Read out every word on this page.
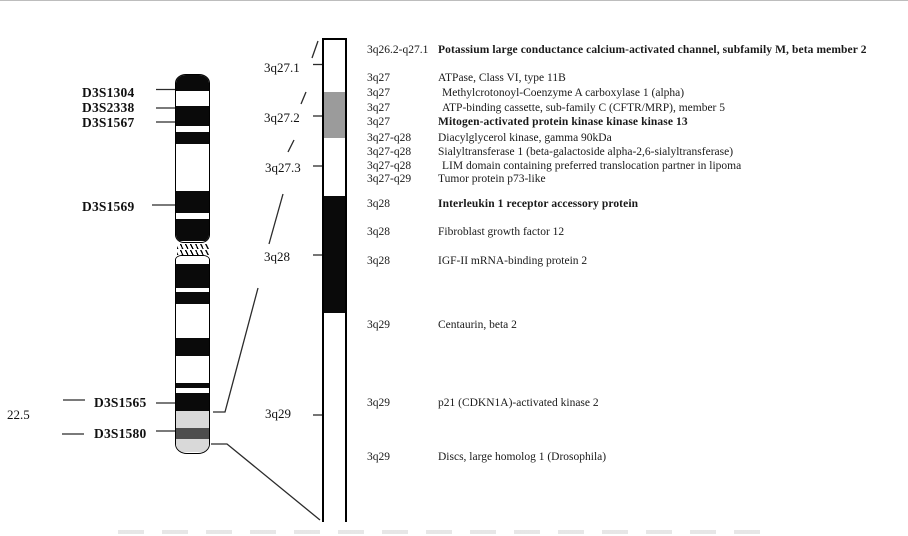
22.5
D3S1304
D3S2338
D3S1567
D3S1569
D3S1565
D3S1580
3q27.1
3q27.2
3q27.3
3q28
3q29
3q26.2-q27.1 Potassium large conductance calcium-activated channel, subfamily M, beta member 2
3q27	ATPase, Class VI, type 11B
3q27	Methylcrotonoyl-Coenzyme A carboxylase 1 (alpha)
3q27	ATP-binding cassette, sub-family C (CFTR/MRP), member 5
3q27	Mitogen-activated protein kinase kinase kinase 13
3q27-q28 Diacylglycerol kinase, gamma 90kDa
3q27-q28 Sialyltransferase 1 (beta-galactoside alpha-2,6-sialyltransferase)
3q27-q28	LIM domain containing preferred translocation partner in lipoma
3q27-q29 Tumor protein p73-like
3q28	Interleukin 1 receptor accessory protein
3q28	Fibroblast growth factor 12
3q28	IGF-II mRNA-binding protein 2
3q29	Centaurin, beta 2
3q29	p21 (CDKN1A)-activated kinase 2
3q29	Discs, large homolog 1 (Drosophila)
